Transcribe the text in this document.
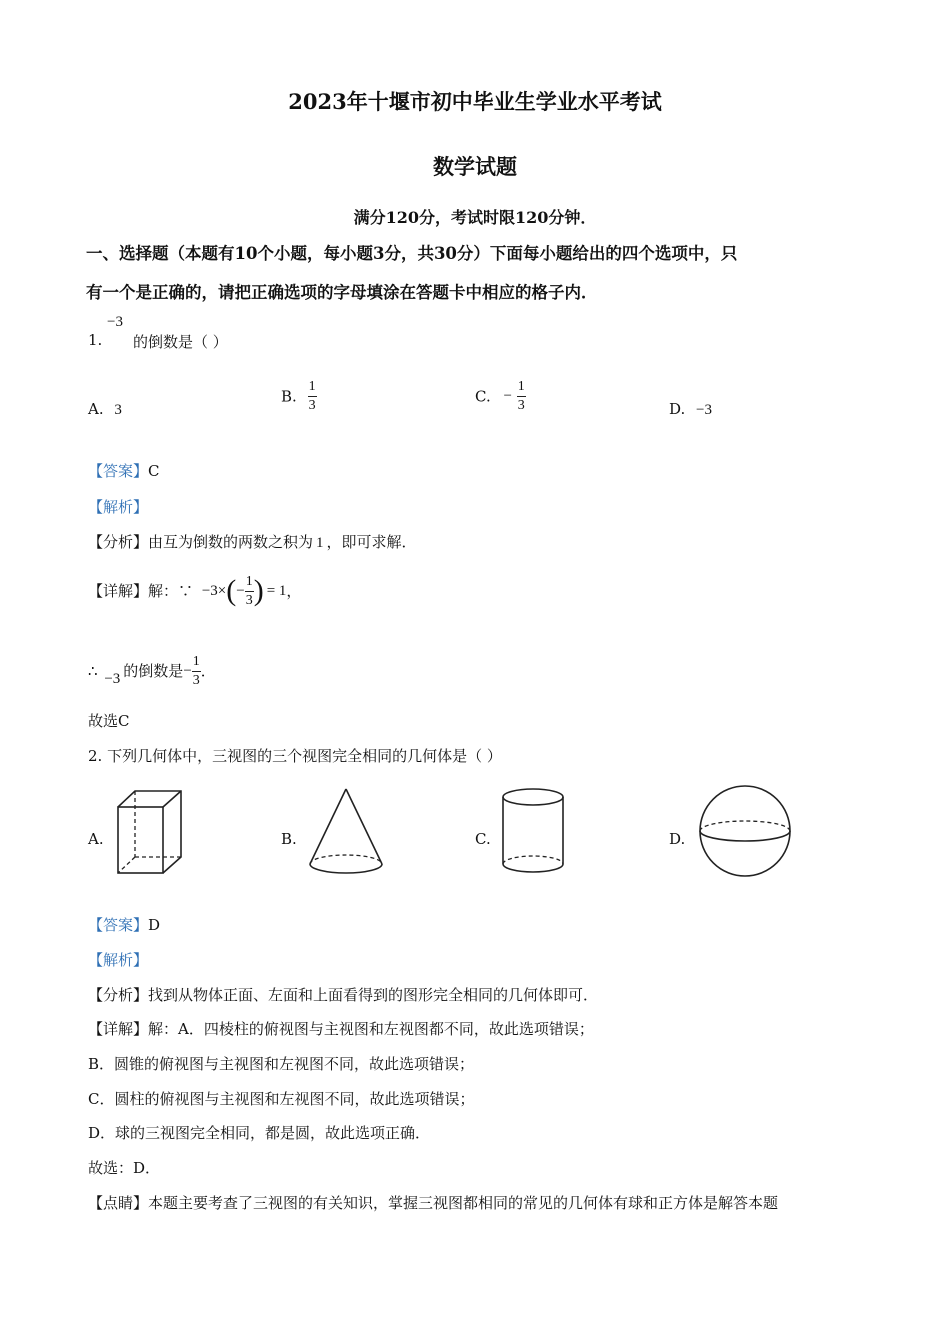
2023年十堰市初中毕业生学业水平考试
数学试题
满分120分，考试时限120分钟．
一、选择题（本题有10个小题，每小题3分，共30分）下面每小题给出的四个选项中，只
有一个是正确的，请把正确选项的字母填涂在答题卡中相应的格子内．
1.
−3
的倒数是（ ）
A. 3
B. $\frac{1}{3}$	C. − $\frac{1}{3}$	D. −3
【答案】C
【解析】
【分析】由互为倒数的两数之积为 1 ，即可求解．
【详解】解：∵ $-3\times(- \frac{1}{3}$ ) = 1，
∴ −3 的倒数是− $\frac{1}{3}$ ．
故选C
2. 下列几何体中，三视图的三个视图完全相同的几何体是（ ）
A.	B.	C.	D.
【答案】D
【解析】
【分析】找到从物体正面、左面和上面看得到的图形完全相同的几何体即可．
【详解】解：A．四棱柱的俯视图与主视图和左视图都不同，故此选项错误；
B．圆锥的俯视图与主视图和左视图不同，故此选项错误；
C．圆柱的俯视图与主视图和左视图不同，故此选项错误；
D．球的三视图完全相同，都是圆，故此选项正确．
故选：D．
【点睛】本题主要考查了三视图的有关知识，掌握三视图都相同的常见的几何体有球和正方体是解答本题
